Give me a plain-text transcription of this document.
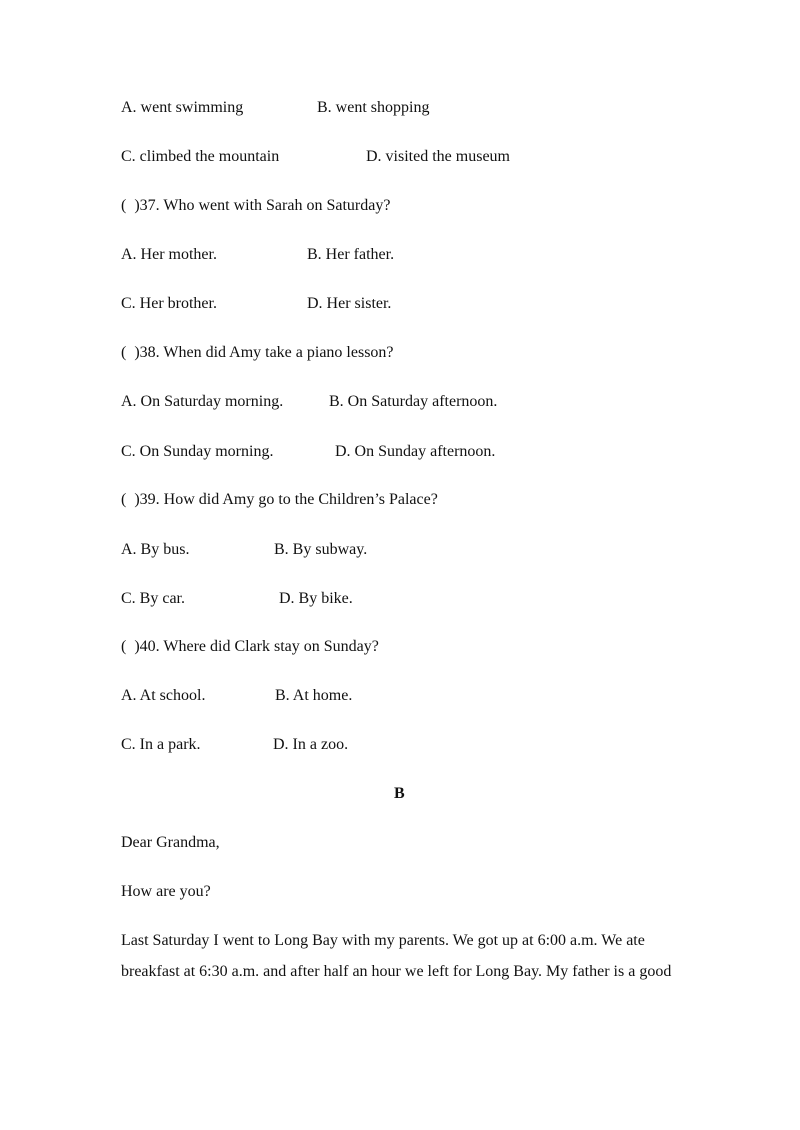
A. went swimming	B. went shopping
C. climbed the mountain	D. visited the museum
(  )37. Who went with Sarah on Saturday?
A. Her mother.	B. Her father.
C. Her brother.	D. Her sister.
(  )38. When did Amy take a piano lesson?
A. On Saturday morning.	B. On Saturday afternoon.
C. On Sunday morning.	D. On Sunday afternoon.
(  )39. How did Amy go to the Children’s Palace?
A. By bus.	B. By subway.
C. By car.	D. By bike.
(  )40. Where did Clark stay on Sunday?
A. At school.	B. At home.
C. In a park.	D. In a zoo.
B
Dear Grandma,
How are you?
Last Saturday I went to Long Bay with my parents. We got up at 6:00 a.m. We ate
breakfast at 6:30 a.m. and after half an hour we left for Long Bay. My father is a good
